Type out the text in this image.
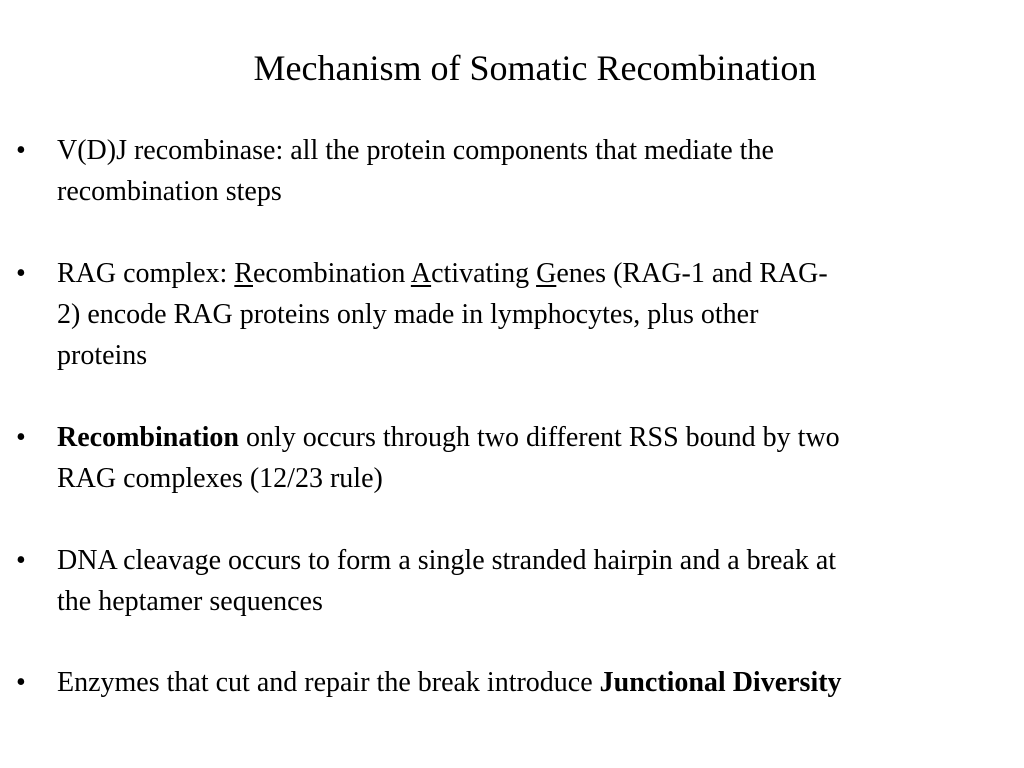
Mechanism of Somatic Recombination
•	V(D)J recombinase: all the protein components that mediate the
recombination steps
•	RAG complex: Recombination Activating Genes (RAG-1 and RAG-
2) encode RAG proteins only made in lymphocytes, plus other
proteins
•	Recombination only occurs through two different RSS bound by two
RAG complexes (12/23 rule)
•	DNA cleavage occurs to form a single stranded hairpin and a break at
the heptamer sequences
•	Enzymes that cut and repair the break introduce Junctional Diversity
